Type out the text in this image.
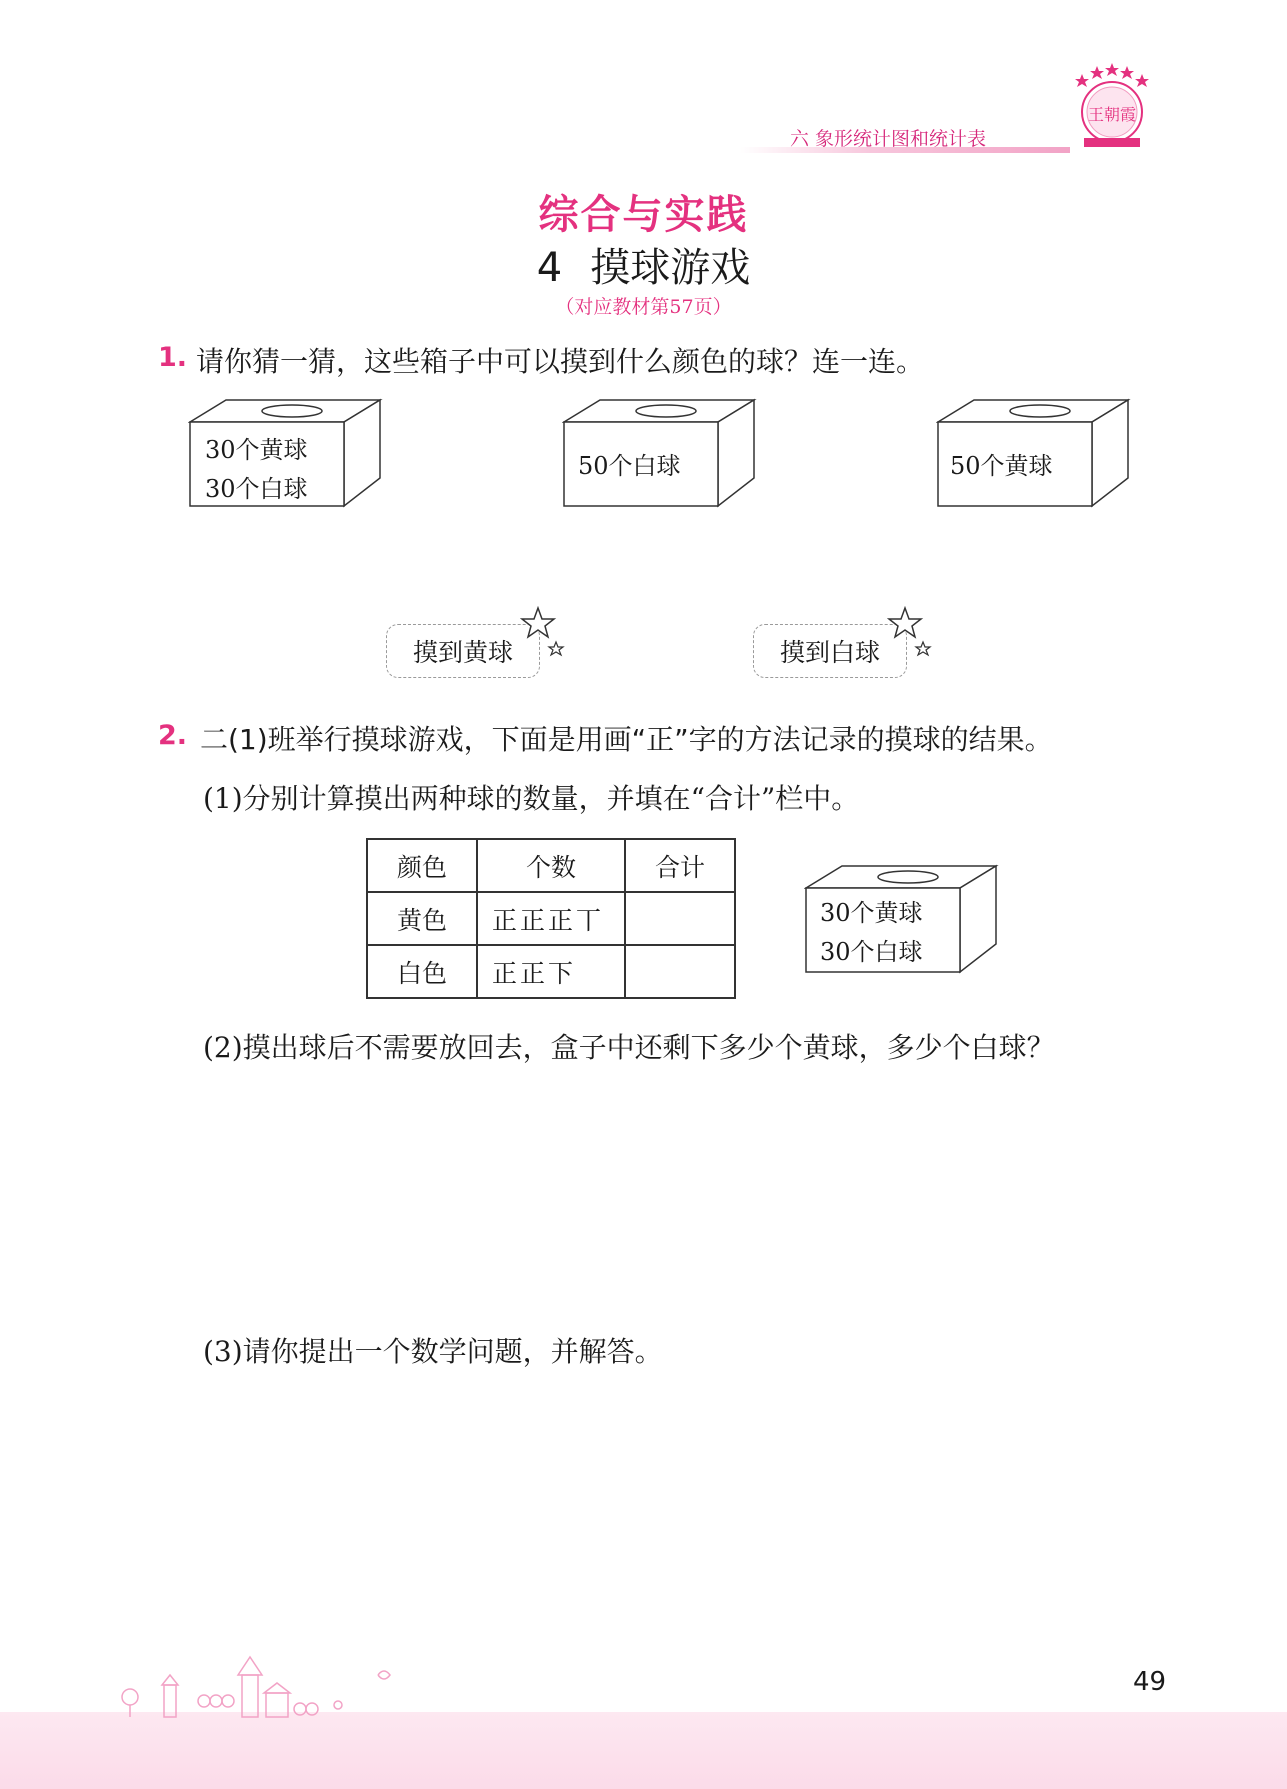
六 象形统计图和统计表
王朝霞
综合与实践
4 摸球游戏
（对应教材第57页）
1. 请你猜一猜，这些箱子中可以摸到什么颜色的球？连一连。
30个黄球
30个白球
50个白球	50个黄球
摸到黄球	摸到白球
2. 二(1)班举行摸球游戏，下面是用画“正”字的方法记录的摸球的结果。
(1)分别计算摸出两种球的数量，并填在“合计”栏中。
颜色	个数	合计
黄色	正正正丅	
白色	正正下	
30个黄球
30个白球
(2)摸出球后不需要放回去，盒子中还剩下多少个黄球，多少个白球？
(3)请你提出一个数学问题，并解答。
49
